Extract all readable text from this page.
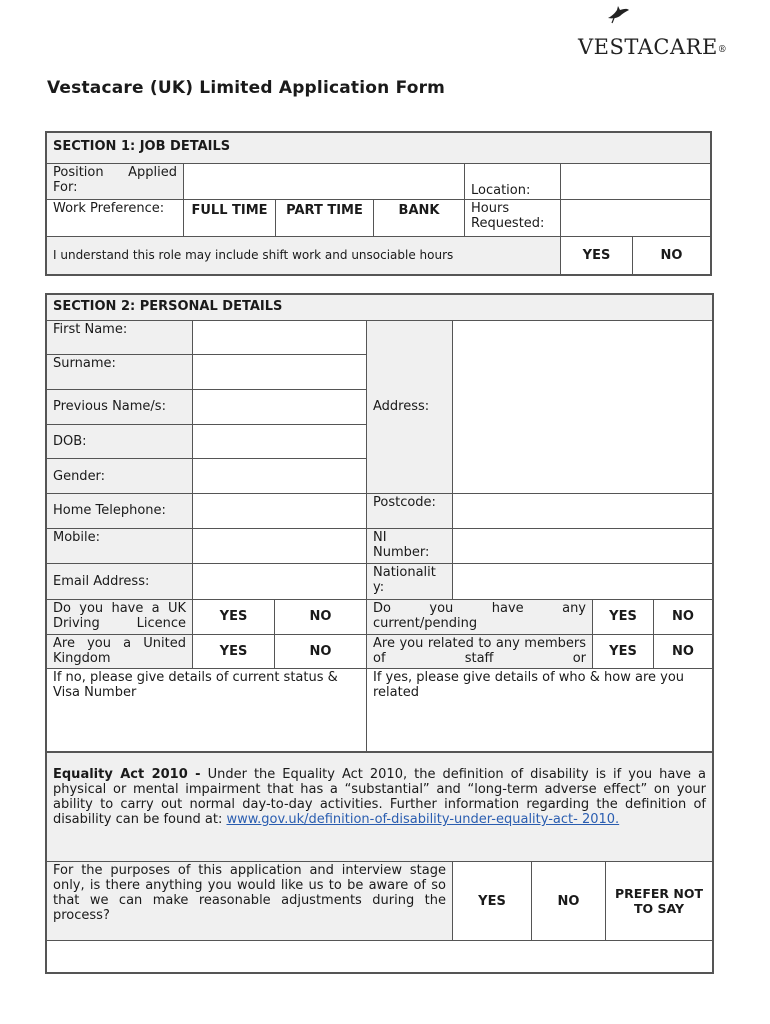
VESTACARE®
Vestacare (UK) Limited Application Form
SECTION 1: JOB DETAILS						

Position Applied For:				Location:		
Work Preference:	FULL TIME	PART TIME	BANK	Hours Requested:		
I understand this role may include shift work and unsociable hours					YES	NO
SECTION 2: PERSONAL DETAILS						
First Name:			Address:			
Surname:						
Previous Name/s:						
DOB:						
Gender:						
Home Telephone:			Postcode:			
Mobile:			NI Number:			
Email Address:			Nationality:			

Do you have a UK Driving Licence	YES	NO	Do you have any current/pending		YES	NO

Are you a United Kingdom	YES	NO	Are you related to any members of staff or		YES	NO
If no, please give details of current status & Visa Number			If yes, please give details of who & how are you related			
Equality Act 2010 - Under the Equality Act 2010, the definition of disability is if you have a physical or mental impairment that has a “substantial” and “long-term adverse effect” on your ability to carry out normal day-to-day activities. Further information regarding the definition of disability can be found at: www.gov.uk/definition-of-disability-under-equality-act- 2010.
For the purposes of this application and interview stage only, is there anything you would like us to be aware of so that we can make reasonable adjustments during the process?	YES	NO	PREFER NOT TO SAY
